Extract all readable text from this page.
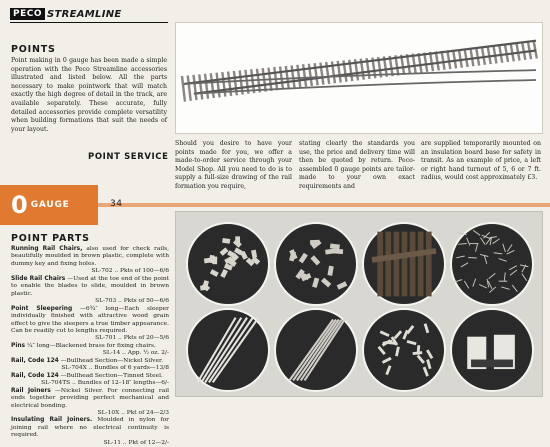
PECO STREAMLINE
POINTS

Point making in 0 gauge has been made a simple operation with the Peco Streamline accessories illustrated and listed below. All the parts necessary to make pointwork that will match exactly the high degree of detail in the track, are available separately. These accurate, fully detailed accessories provide complete versatility when building formations that suit the needs of your layout.

POINT SERVICE

Should you desire to have your points made for you, we offer a made-to-order service through your Model Shop. All you need to do is to supply a full-size drawing of the rail formation you require,

stating clearly the standards you use, the price and delivery time will then be quoted by return. Peco-assembled 0 gauge points are tailor-made to your own exact requirements and

are supplied temporarily mounted on an insulation board base for safety in transit. As an example of price, a left or right hand turnout of 5, 6 or 7 ft. radius, would cost approximately £3.

0 GAUGE	34
POINT PARTS

Running Rail Chairs, also used for check rails, beautifully moulded in brown plastic, complete with dummy key and fixing holes.

SL-702 .. Pkts of 100—6/6

Slide Rail Chairs —Used at the toe end of the point to enable the blades to slide, moulded in brown plastic.

SL-703 .. Pkts of 50—6/6

Point Sleepering —6¾″ long—Each sleeper individually finished with attractive wood grain effect to give the sleepers a true timber appearance. Can be readily cut to lengths required.

SL-701 .. Pkts of 20—5/6

Pins ¼″ long—Blackened brass for fixing chairs.

SL-14 .. App. ½ oz. 2/-

Rail, Code 124 —Bullhead Section—Nickel Silver.

SL-704X .. Bundles of 6 yards—13/8

Rail, Code 124 —Bullhead Section—Tinned Steel.

SL-704TS .. Bundles of 12–18″ lengths—6/-

Rail Joiners —Nickel Silver. For connecting rail ends together providing perfect mechanical and electrical bonding.

SL-10X .. Pkt of 24—2/3

Insulating Rail Joiners. Moulded in nylon for joining rail where no electrical continuity is required.

SL-11 .. Pkt of 12—2/-
